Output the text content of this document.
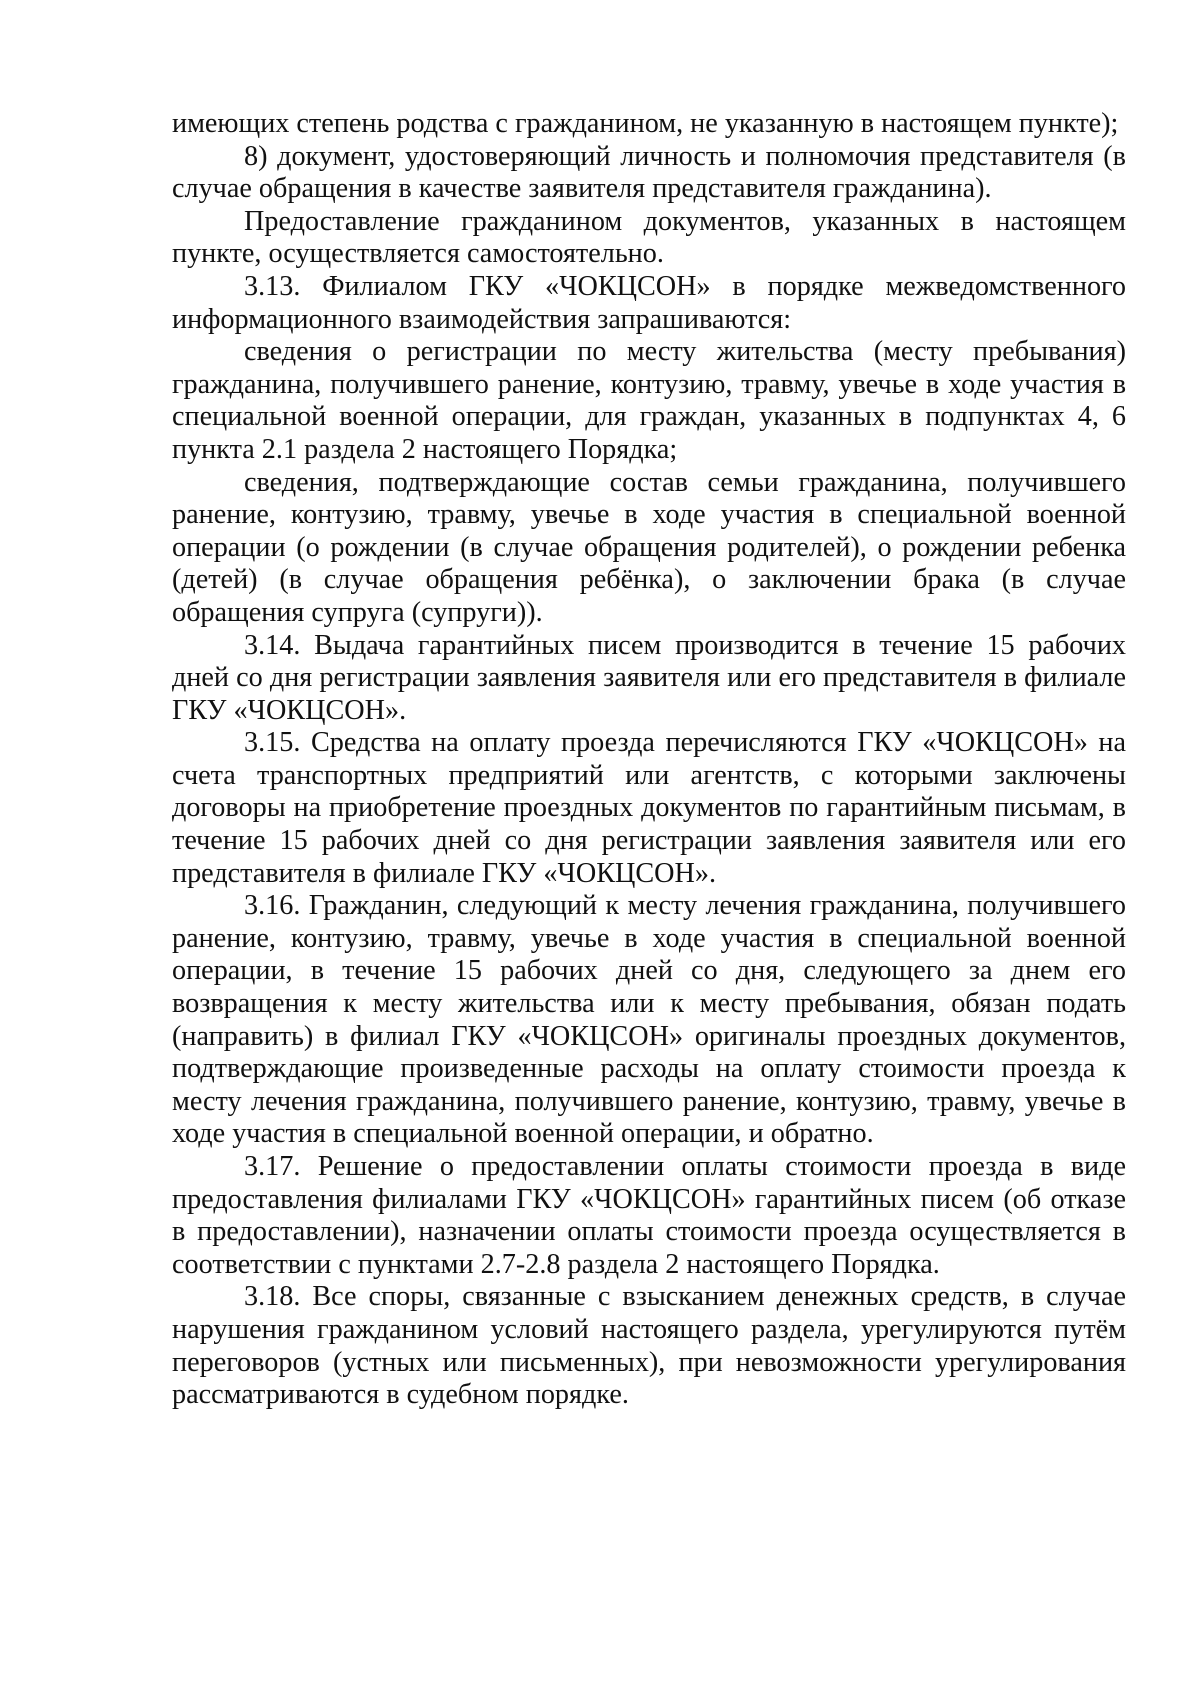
имеющих степень родства с гражданином, не указанную в настоящем пункте);

8) документ, удостоверяющий личность и полномочия представителя (в случае обращения в качестве заявителя представителя гражданина).

Предоставление гражданином документов, указанных в настоящем пункте, осуществляется самостоятельно.

3.13. Филиалом ГКУ «ЧОКЦСОН» в порядке межведомственного информационного взаимодействия запрашиваются:

сведения о регистрации по месту жительства (месту пребывания) гражданина, получившего ранение, контузию, травму, увечье в ходе участия в специальной военной операции, для граждан, указанных в подпунктах 4, 6 пункта 2.1 раздела 2 настоящего Порядка;

сведения, подтверждающие состав семьи гражданина, получившего ранение, контузию, травму, увечье в ходе участия в специальной военной операции (о рождении (в случае обращения родителей), о рождении ребенка (детей) (в случае обращения ребёнка), о заключении брака (в случае обращения супруга (супруги)).

3.14. Выдача гарантийных писем производится в течение 15 рабочих дней со дня регистрации заявления заявителя или его представителя в филиале ГКУ «ЧОКЦСОН».

3.15. Средства на оплату проезда перечисляются ГКУ «ЧОКЦСОН» на счета транспортных предприятий или агентств, с которыми заключены договоры на приобретение проездных документов по гарантийным письмам, в течение 15 рабочих дней со дня регистрации заявления заявителя или его представителя в филиале ГКУ «ЧОКЦСОН».

3.16. Гражданин, следующий к месту лечения гражданина, получившего ранение, контузию, травму, увечье в ходе участия в специальной военной операции, в течение 15 рабочих дней со дня, следующего за днем его возвращения к месту жительства или к месту пребывания, обязан подать (направить) в филиал ГКУ «ЧОКЦСОН» оригиналы проездных документов, подтверждающие произведенные расходы на оплату стоимости проезда к месту лечения гражданина, получившего ранение, контузию, травму, увечье в ходе участия в специальной военной операции, и обратно.

3.17. Решение о предоставлении оплаты стоимости проезда в виде предоставления филиалами ГКУ «ЧОКЦСОН» гарантийных писем (об отказе в предоставлении), назначении оплаты стоимости проезда осуществляется в соответствии с пунктами 2.7-2.8 раздела 2 настоящего Порядка.

3.18. Все споры, связанные с взысканием денежных средств, в случае нарушения гражданином условий настоящего раздела, урегулируются путём переговоров (устных или письменных), при невозможности урегулирования рассматриваются в судебном порядке.
